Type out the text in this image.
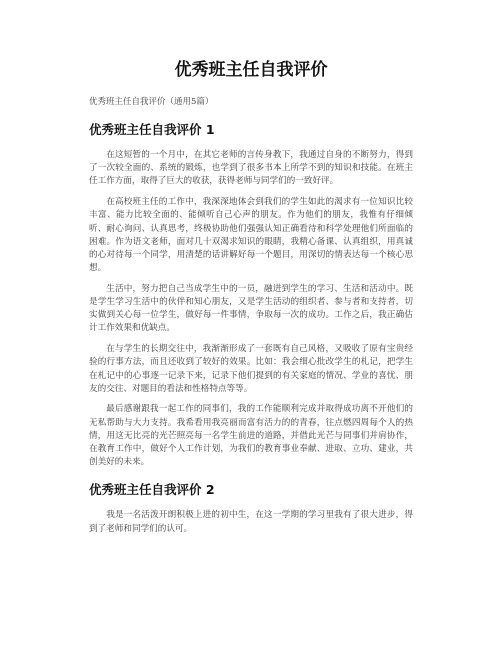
优秀班主任自我评价

优秀班主任自我评价（通用5篇）

优秀班主任自我评价 1

在这短暂的一个月中，在其它老师的言传身教下，我通过自身的不断努力，得到了一次较全面的、系统的锻炼，也学到了很多书本上所学不到的知识和技能。在班主任工作方面，取得了巨大的收获，获得老师与同学们的一致好评。

在高校班主任的工作中，我深深地体会到我们的学生如此的渴求有一位知识比较丰富、能力比较全面的、能倾听自己心声的朋友。作为他们的朋友，我惟有仔细倾听、耐心询问、认真思考，终极协助他们强强认知正确看待和科学处理他们所面临的困难。作为语文老师，面对几十双渴求知识的眼睛，我精心备课、认真组织，用真诚的心对待每一个同学，用清楚的话讲解好每一个题目，用深切的情表达每一个核心思想。

生活中，努力把自己当成学生中的一员，融进到学生的学习、生活和活动中。既是学生学习生活中的伙伴和知心朋友，又是学生活动的组织者、参与者和支持者，切实做到关心每一位学生，做好每一件事情，争取每一次的成功。工作之后，我正确估计工作效果和优缺点。

在与学生的长期交往中，我渐渐形成了一套既有自己风格，又吸收了原有宝贵经验的行事方法，而且还收到了较好的效果。比如：我会细心批改学生的札记，把学生在札记中的心事逐一记录下来，记录下他们提到的有关家庭的情况、学业的喜忧、朋友的交往、对题目的看法和性格特点等等。

最后感谢跟我一起工作的同事们，我的工作能顺利完成并取得成功离不开他们的无私帮助与大力支持。我希看用我亮丽而富有活力的的青春，往点燃四周每个人的热情，用这无比亮的光芒照亮每一名学生前进的道路，并借此光芒与同事们并肩协作，在教育工作中，做好个人工作计划，为我们的教育事业奉献、进取、立功、建业，共创美好的未来。

优秀班主任自我评价 2

我是一名活泼开朗积极上进的初中生，在这一学期的学习里我有了很大进步，得到了老师和同学们的认可。
